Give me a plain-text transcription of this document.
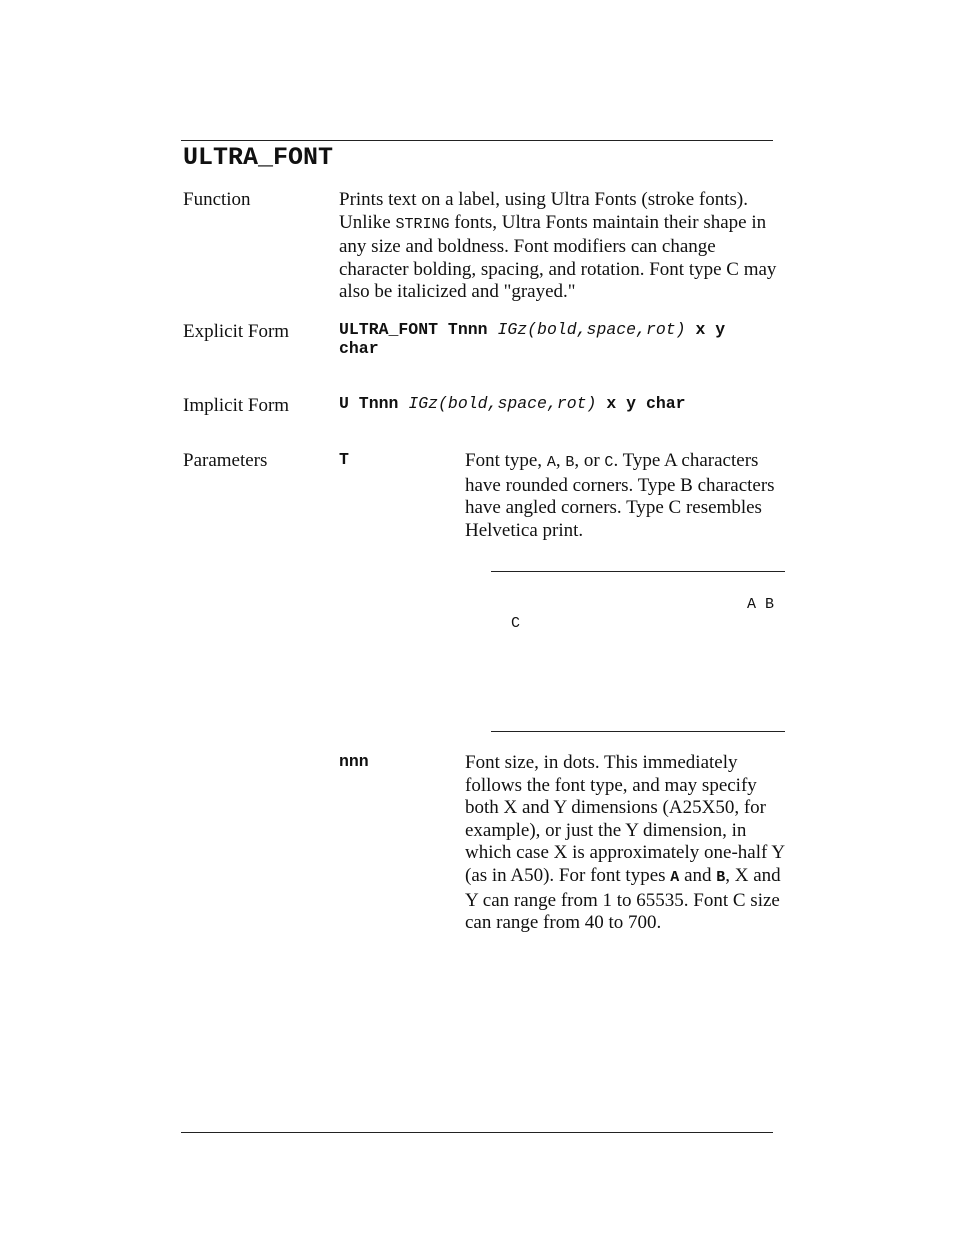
ULTRA_FONT
Function	Prints text on a label, using Ultra Fonts (stroke fonts). Unlike STRING fonts, Ultra Fonts maintain their shape in any size and boldness. Font modifiers can change character bolding, spacing, and rotation. Font type C may also be italicized and "grayed."
Explicit Form	ULTRA_FONT Tnnn IGz(bold,space,rot) x y
char
Implicit Form	U Tnnn IGz(bold,space,rot) x y char
Parameters	T	Font type, A, B, or C. Type A characters have rounded corners. Type B characters have angled corners. Type C resembles Helvetica print.
A B
C
nnn	Font size, in dots. This immediately follows the font type, and may specify both X and Y dimensions (A25X50, for example), or just the Y dimension, in which case X is approximately one-half Y (as in A50). For font types A and B, X and Y can range from 1 to 65535. Font C size can range from 40 to 700.
